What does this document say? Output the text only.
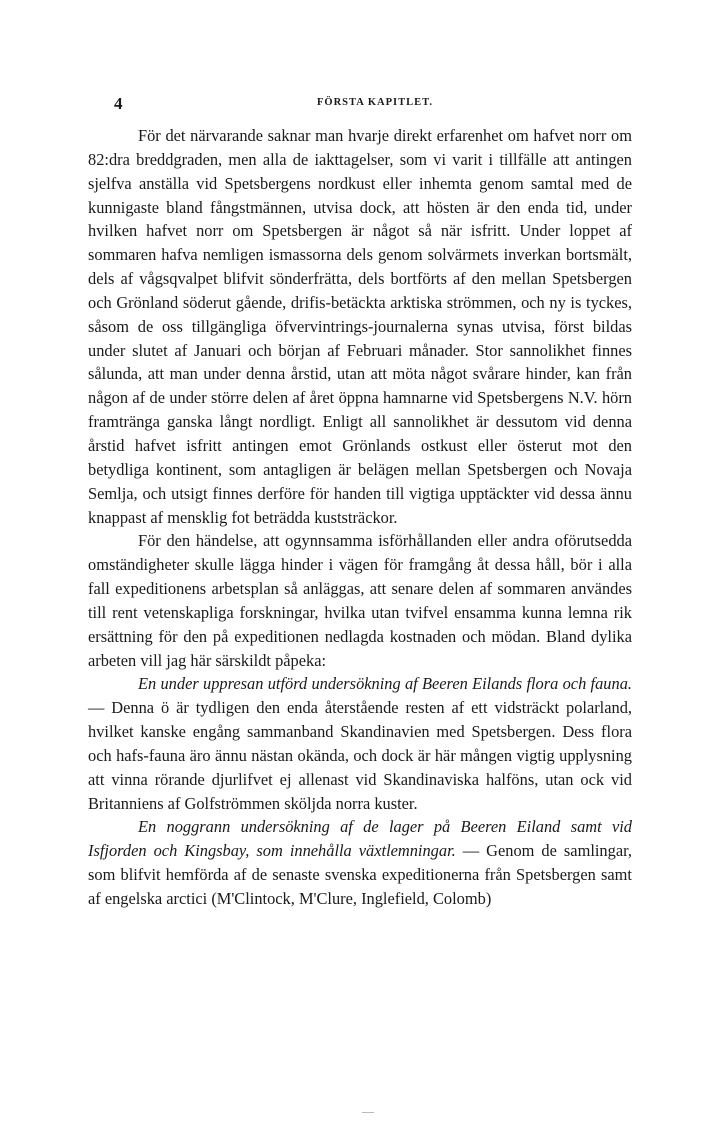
4	FÖRSTA KAPITLET.

För det närvarande saknar man hvarje direkt erfarenhet om hafvet norr om 82:dra breddgraden, men alla de iakttagelser, som vi varit i tillfälle att antingen sjelfva anställa vid Spetsbergens nordkust eller inhemta genom samtal med de kunnigaste bland fångstmännen, utvisa dock, att hösten är den enda tid, under hvilken hafvet norr om Spetsbergen är något så när isfritt. Under loppet af sommaren hafva nemligen ismassorna dels genom solvärmets inverkan bortsmält, dels af vågsqvalpet blifvit sönderfrätta, dels bortförts af den mellan Spetsbergen och Grönland söderut gående, drifis-betäckta arktiska strömmen, och ny is tyckes, såsom de oss tillgängliga öfvervintrings-journalerna synas utvisa, först bildas under slutet af Januari och början af Februari månader. Stor sannolikhet finnes sålunda, att man under denna årstid, utan att möta något svårare hinder, kan från någon af de under större delen af året öppna hamnarne vid Spetsbergens N.V. hörn framtränga ganska långt nordligt. Enligt all sannolikhet är dessutom vid denna årstid hafvet isfritt antingen emot Grönlands ostkust eller österut mot den betydliga kontinent, som antagligen är belägen mellan Spetsbergen och Novaja Semlja, och utsigt finnes derföre för handen till vigtiga upptäckter vid dessa ännu knappast af mensklig fot beträdda kuststräckor.

För den händelse, att ogynnsamma isförhållanden eller andra oförutsedda omständigheter skulle lägga hinder i vägen för framgång åt dessa håll, bör i alla fall expeditionens arbetsplan så anläggas, att senare delen af sommaren användes till rent vetenskapliga forskningar, hvilka utan tvifvel ensamma kunna lemna rik ersättning för den på expeditionen nedlagda kostnaden och mödan. Bland dylika arbeten vill jag här särskildt påpeka:

En under uppresan utförd undersökning af Beeren Eilands flora och fauna. — Denna ö är tydligen den enda återstående resten af ett vidsträckt polarland, hvilket kanske engång sammanband Skandinavien med Spetsbergen. Dess flora och hafs-fauna äro ännu nästan okända, och dock är här mången vigtig upplysning att vinna rörande djurlifvet ej allenast vid Skandinaviska halföns, utan ock vid Britanniens af Golfströmmen sköljda norra kuster.

En noggrann undersökning af de lager på Beeren Eiland samt vid Isfjorden och Kingsbay, som innehålla växtlemningar. — Genom de samlingar, som blifvit hemförda af de senaste svenska expeditionerna från Spetsbergen samt af engelska arctici (M'Clintock, M'Clure, Inglefield, Colomb)
